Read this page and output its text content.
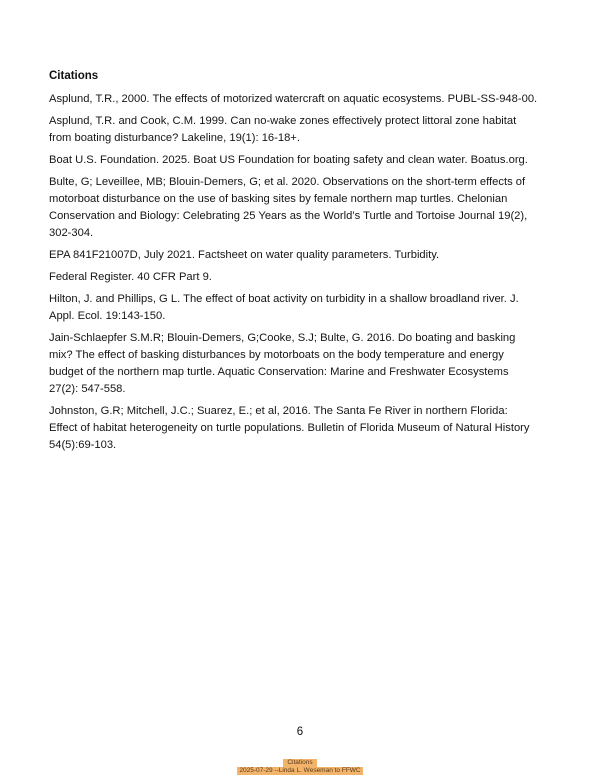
Citations

Asplund, T.R., 2000. The effects of motorized watercraft on aquatic ecosystems. PUBL-SS-948-00.

Asplund, T.R. and Cook, C.M. 1999. Can no-wake zones effectively protect littoral zone habitat from boating disturbance? Lakeline, 19(1): 16-18+.

Boat U.S. Foundation. 2025. Boat US Foundation for boating safety and clean water. Boatus.org.

Bulte, G; Leveillee, MB; Blouin-Demers, G; et al. 2020. Observations on the short-term effects of motorboat disturbance on the use of basking sites by female northern map turtles. Chelonian Conservation and Biology: Celebrating 25 Years as the World’s Turtle and Tortoise Journal 19(2), 302-304.

EPA 841F21007D, July 2021. Factsheet on water quality parameters. Turbidity.

Federal Register. 40 CFR Part 9.

Hilton, J. and Phillips, G L. The effect of boat activity on turbidity in a shallow broadland river. J. Appl. Ecol. 19:143-150.

Jain-Schlaepfer S.M.R; Blouin-Demers, G;Cooke, S.J; Bulte, G. 2016. Do boating and basking mix? The effect of basking disturbances by motorboats on the body temperature and energy budget of the northern map turtle. Aquatic Conservation: Marine and Freshwater Ecosystems 27(2): 547-558.

Johnston, G.R; Mitchell, J.C.; Suarez, E.; et al, 2016. The Santa Fe River in northern Florida: Effect of habitat heterogeneity on turtle populations. Bulletin of Florida Museum of Natural History 54(5):69-103.

6
Citations
2025-07-29 --Linda L. Weseman to FFWC
